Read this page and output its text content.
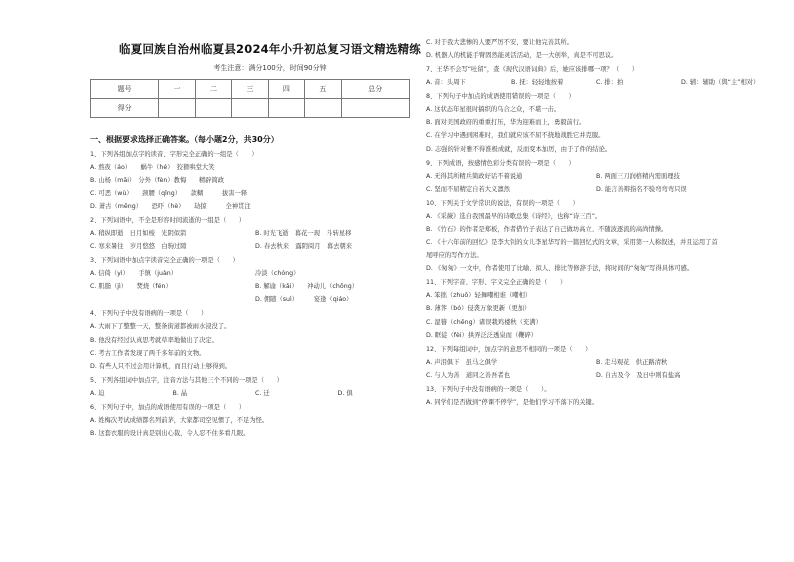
临夏回族自治州临夏县2024年小升初总复习语文精选精练
考生注意：满分100分，时间90分钟
题号	一	二	三	四	五	总分
得分						
一、根据要求选择正确答案。（每小题2分，共30分）
1、下列各组加点字的读音、字形完全正确的一组是（　　）
A. 熬夜（áo）　　蜗牛（hé）　狡猾哄堂大笑
B. 山杨（mǎi）　分外（fèn）教悔　　精辟简政
C. 可恶（wù）　　颈腰（qǐng）　　款糊　　　拔害一释
D. 萧古（mēng）　　恐吓（hè）　　劫掠　　　全神贯注
2、下列词语中，不全是形容时间流逝的一组是（　　）
A. 稍纵即逝　日月如梭　光阴似箭	B. 时光飞逝　暮花一现　斗转星移
C. 寒来暑往　岁月悠悠　白驹过隙	D. 春去秋来　露阴阅月　暮去朝来
3、下列词语中加点字读音完全正确的一项是（　　）
A. 信倚（yì）　　手镇（juàn）	冷淡（chóng）
C. 肌脂（jì）　　焚烧（fén）	B. 解谕（kǎi）　　冲动儿（chōng）
D. 佣随（suì）　　　宴逢（qiáo）
4、下列句子中没有语病的一项是（　　）
A. 大雨下了整整一天，整条街道都被雨水浸没了。
B. 他没有经过认真思考就草率地做出了决定。
C. 考古工作者发现了两千多年前的文物。
D. 有些人只不过会用计算机，而且行动上够得到。
5、下列各组词中加点字，注音方法与其他三个不同的一项是（　　）
A. 迫	B. 晶	C. 迁	D. 俱
6、下列句子中，加点的成语使用有误的一项是（　　）
A. 姓梅次考试成绩都名列前茅，大家都司空见惯了，不足为怪。
B. 这套衣服的设计真是别出心裁，令人忍不住多看几眼。
C. 对于我大悲惨的人要严厉不安，要让他完善其所。
D. 机器人的机能手臂固然能灵活活动，是一大创举，真是不可思议。
7、王华不会写“吐留”，查《现代汉语词典》后，她应该排哪一项？（　　）
A. 音：头周下	B. 抚：轻轻地按着	C. 排：拍	D. 辅：辅助（與“主”相对）
8、下列句子中加点的成语使用错误的一项是（　　）
A. 这状态年星很时搞织的乌合之众，不堪一击。
B. 面对美国政府的重重打压，华为迎难而上，勇毅前行。
C. 在学习中遇到困难时，我们就应该不屈不挠地战胜它并克服。
D. 志强的针对雅不得淮极成就，反而变本加厉，由于了件的结论。
9、下列成语，按感情色彩分类有误的一项是（　　）
A. 无得其所精兵简政好话不着说通	B. 两面三刀润格精内需面理技
C. 坚而不屈精定自若大义凛然	D. 能言善辩指名不验弯弯弯只误
10、下列关于文学常识的说法，有误的一项是（　　）
A. 《采薇》选自我国最早的诗歌总集《诗经》，也称“诗三百”。
B. 《竹石》的作者是郑板，作者借竹子表达了自己做坊高立、不随波逐流的高尚情操。
C. 《十六年前的回忆》是李大钊的女儿李星华写的一篇回忆式的文章，采用第一人称叙述，并且运用了首
尾呼应的写作方法。
D. 《匆匆》一文中，作者使用了比喻、拟人、排比等修辞手法，将时间的“匆匆”写得具体可感。
11、下列字音、字形、字义完全正确的是（　　）
A. 笨拙（zhuō）轻舞嘲相谁（嘲相）
B. 薄荠（bó）侵袭万象更新（更加）
C. 湿簪（chēng）诸误栽鸡楼秋（充满）
D. 眶徒（fèi）拱弄泛泛透泉而（鞭碎）
12、下列每组词中，加点字的意思不相同的一项是（　　）
A. 声泪俱下　虽马之俱学	B. 走马观花　供正路清秋
C. 与人为善　道同之善吾者也	D. 自古及今　及日中则有盐高
13、下列句子中没有语病的一项是（　　）。
A. 同学们是否做到“停课不停学”，是他们学习不落下的关键。
